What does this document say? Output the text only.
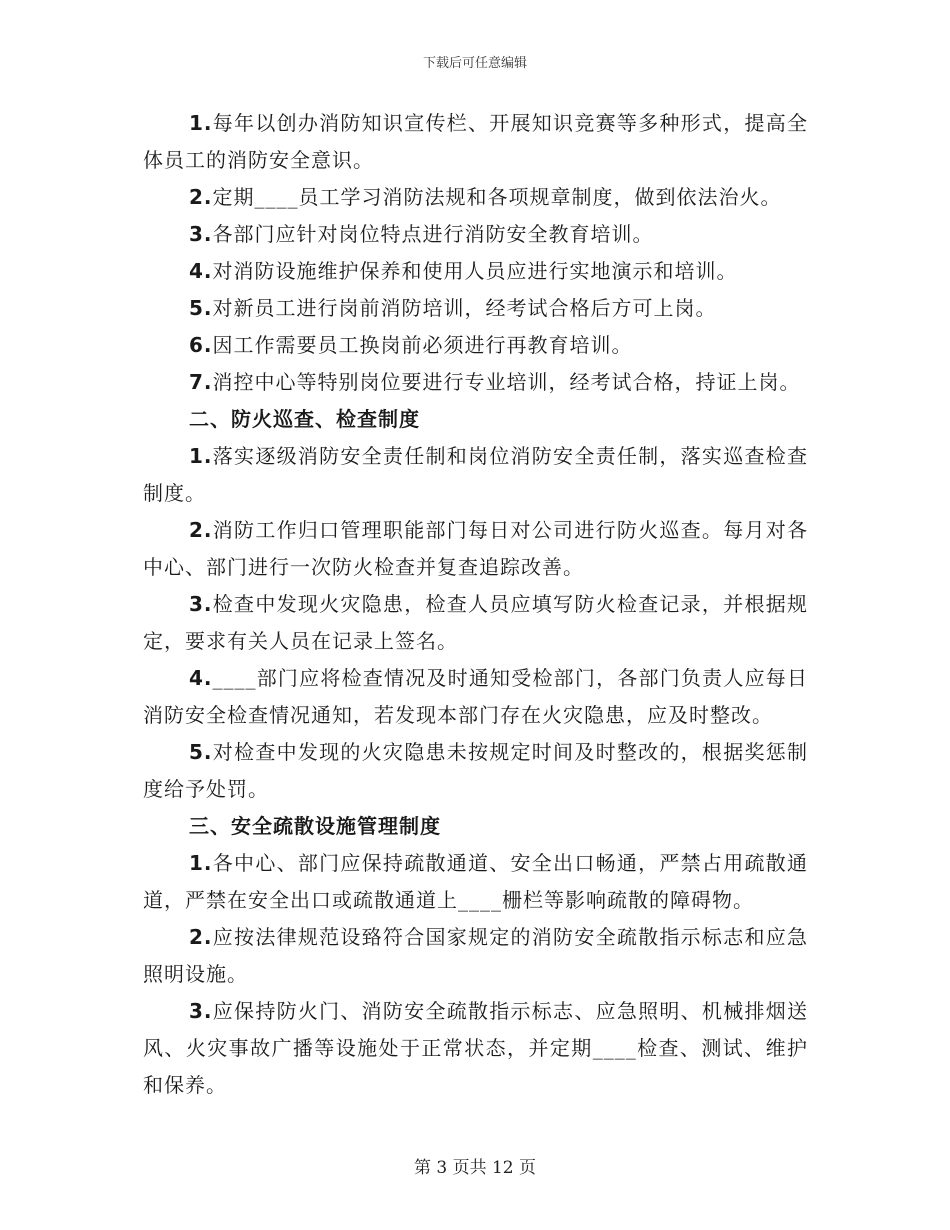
下载后可任意编辑

1.每年以创办消防知识宣传栏、开展知识竞赛等多种形式，提高全体员工的消防安全意识。

2.定期____员工学习消防法规和各项规章制度，做到依法治火。

3.各部门应针对岗位特点进行消防安全教育培训。

4.对消防设施维护保养和使用人员应进行实地演示和培训。

5.对新员工进行岗前消防培训，经考试合格后方可上岗。

6.因工作需要员工换岗前必须进行再教育培训。

7.消控中心等特别岗位要进行专业培训，经考试合格，持证上岗。

二、防火巡查、检查制度

1.落实逐级消防安全责任制和岗位消防安全责任制，落实巡查检查制度。

2.消防工作归口管理职能部门每日对公司进行防火巡查。每月对各中心、部门进行一次防火检查并复查追踪改善。

3.检查中发现火灾隐患，检查人员应填写防火检查记录，并根据规定，要求有关人员在记录上签名。

4.____部门应将检查情况及时通知受检部门，各部门负责人应每日消防安全检查情况通知，若发现本部门存在火灾隐患，应及时整改。

5.对检查中发现的火灾隐患未按规定时间及时整改的，根据奖惩制度给予处罚。

三、安全疏散设施管理制度

1.各中心、部门应保持疏散通道、安全出口畅通，严禁占用疏散通道，严禁在安全出口或疏散通道上____栅栏等影响疏散的障碍物。

2.应按法律规范设臵符合国家规定的消防安全疏散指示标志和应急照明设施。

3.应保持防火门、消防安全疏散指示标志、应急照明、机械排烟送风、火灾事故广播等设施处于正常状态，并定期____检查、测试、维护和保养。

第 3 页共 12 页
